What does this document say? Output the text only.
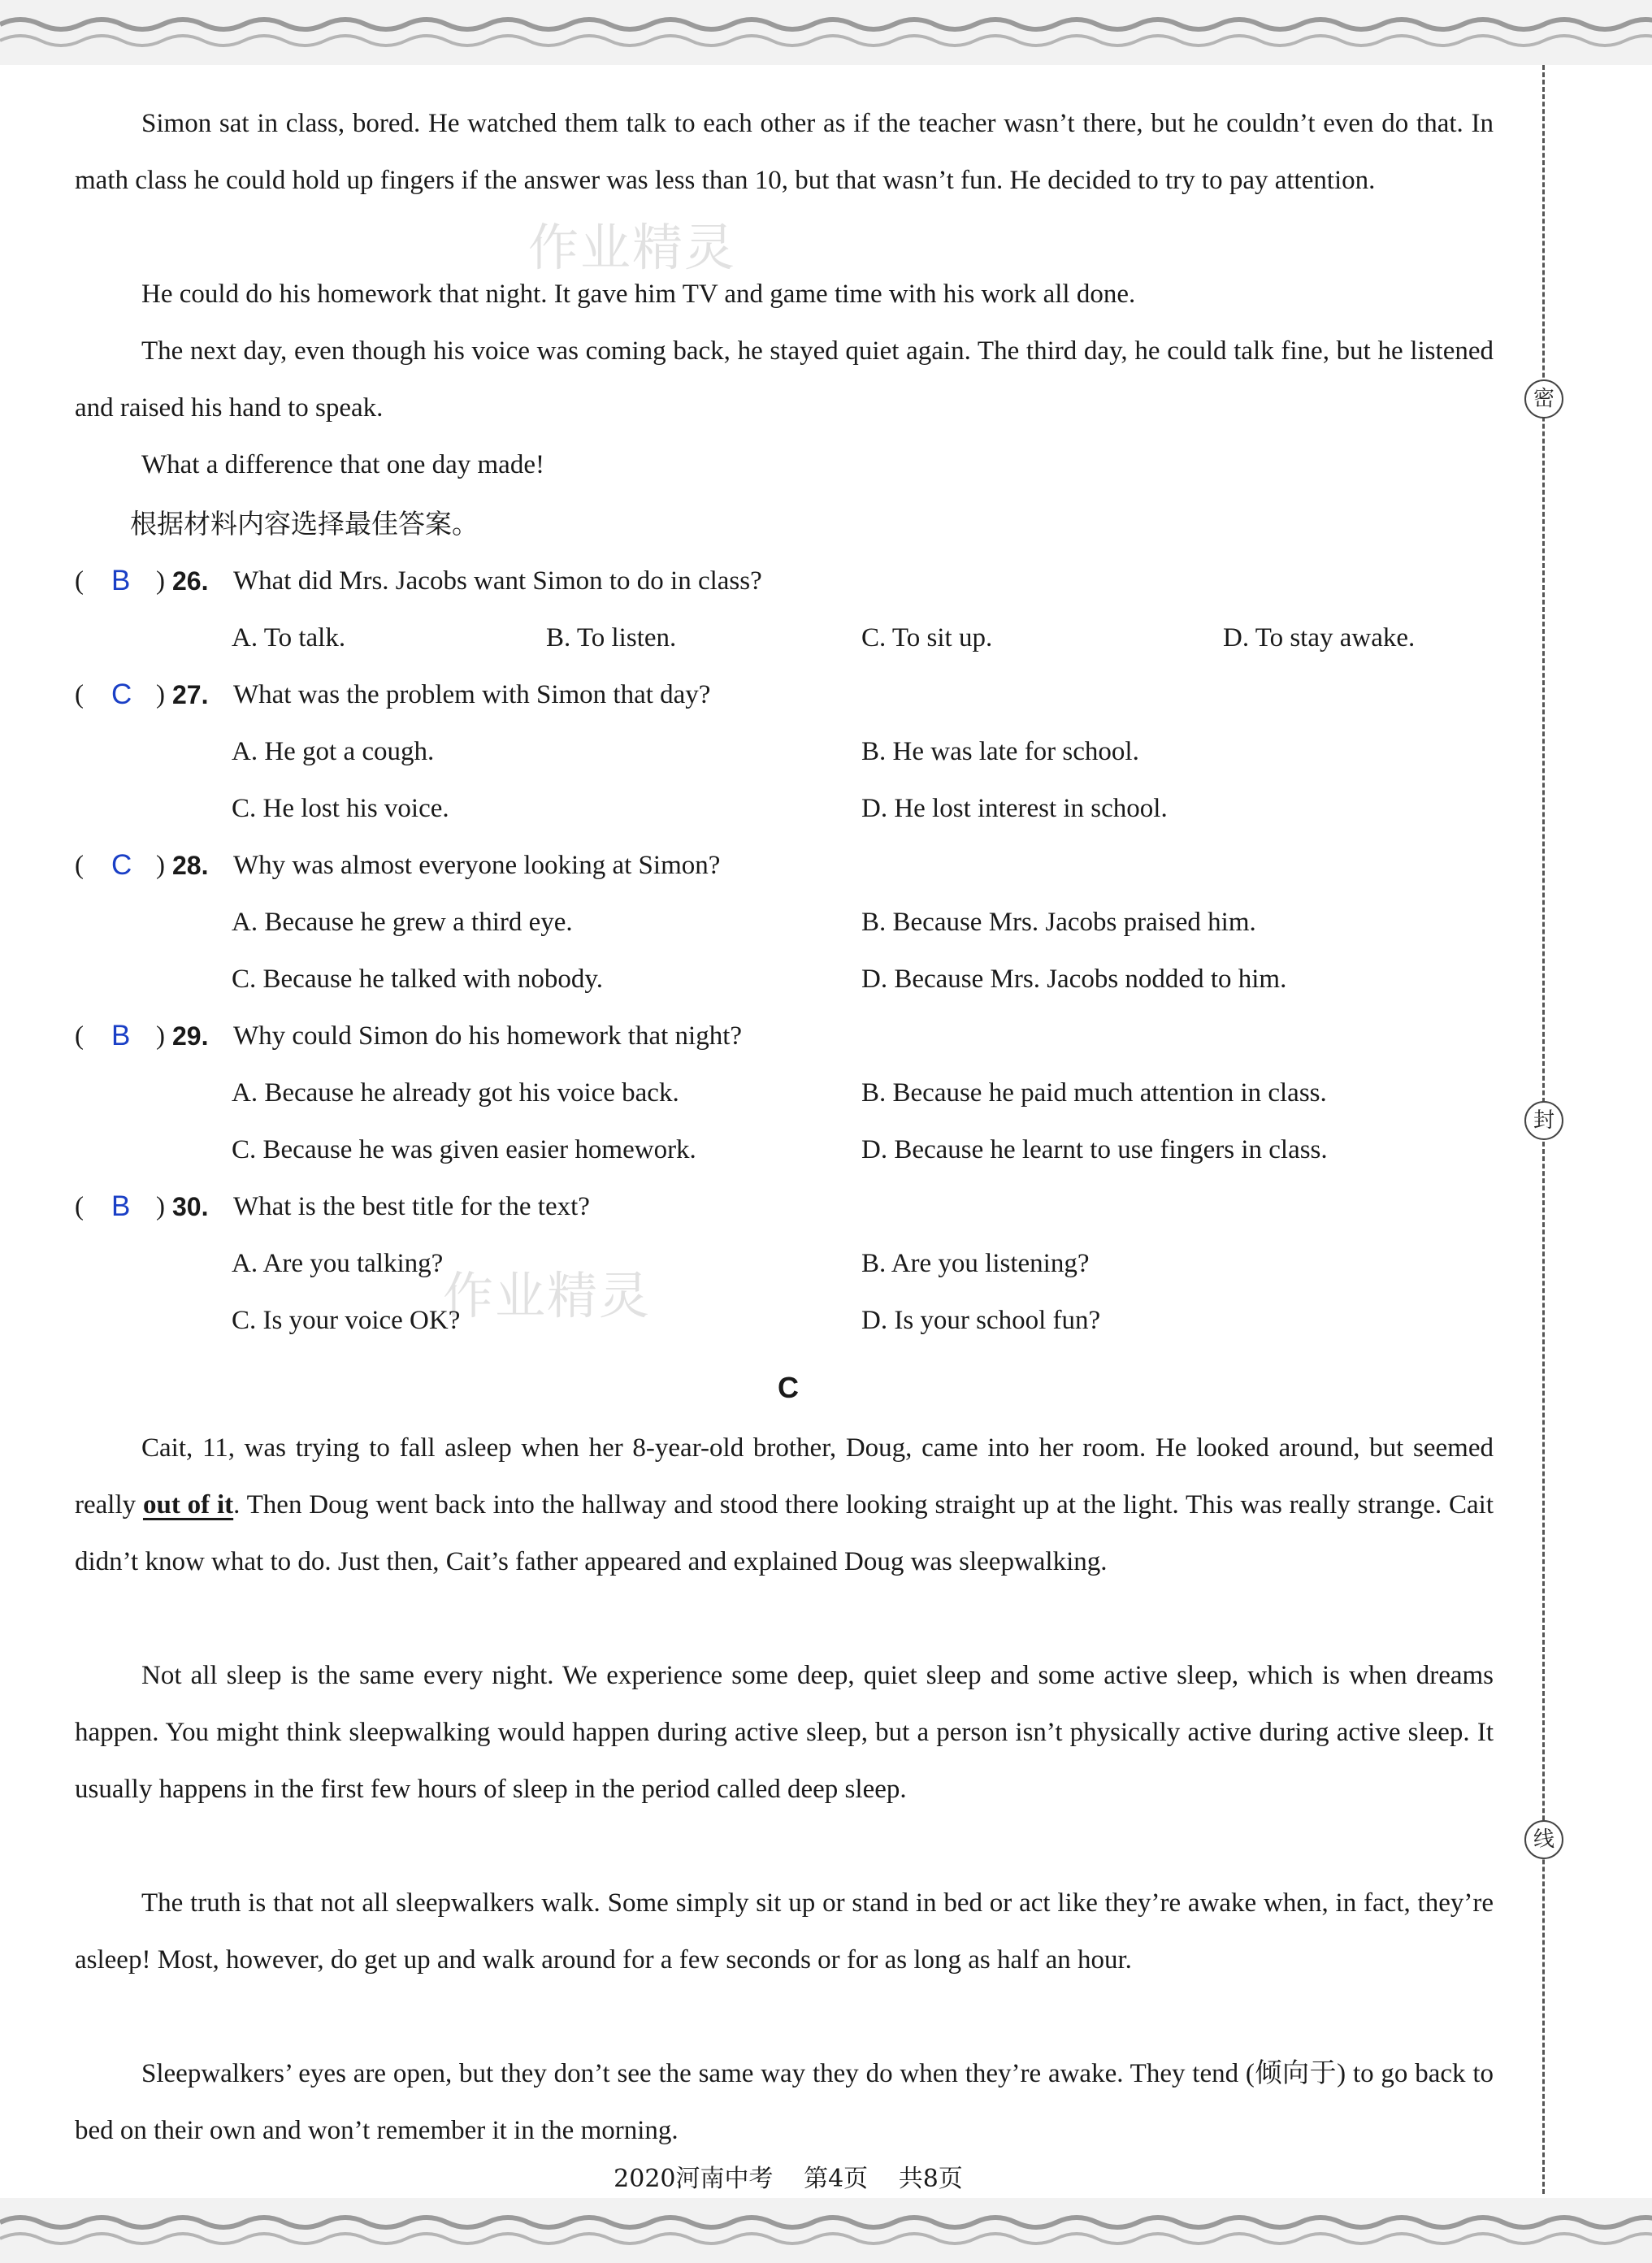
Simon sat in class, bored. He watched them talk to each other as if the teacher wasn’t there, but he couldn’t even do that. In math class he could hold up fingers if the answer was less than 10, but that wasn’t fun. He decided to try to pay attention.

He could do his homework that night. It gave him TV and game time with his work all done.

The next day, even though his voice was coming back, he stayed quiet again. The third day, he could talk fine, but he listened and raised his hand to speak.

What a difference that one day made!

根据材料内容选择最佳答案。
( B ) 26. What did Mrs. Jacobs want Simon to do in class?
A. To talk.	B. To listen.	C. To sit up.	D. To stay awake.
( C ) 27. What was the problem with Simon that day?
A. He got a cough.	B. He was late for school.
C. He lost his voice.	D. He lost interest in school.
( C ) 28. Why was almost everyone looking at Simon?
A. Because he grew a third eye.	B. Because Mrs. Jacobs praised him.
C. Because he talked with nobody.	D. Because Mrs. Jacobs nodded to him.
( B ) 29. Why could Simon do his homework that night?
A. Because he already got his voice back.	B. Because he paid much attention in class.
C. Because he was given easier homework.	D. Because he learnt to use fingers in class.
( B ) 30. What is the best title for the text?
A. Are you talking?	B. Are you listening?
C. Is your voice OK?	D. Is your school fun?
C

Cait, 11, was trying to fall asleep when her 8-year-old brother, Doug, came into her room. He looked around, but seemed really out of it. Then Doug went back into the hallway and stood there looking straight up at the light. This was really strange. Cait didn’t know what to do. Just then, Cait’s father appeared and explained Doug was sleepwalking.

Not all sleep is the same every night. We experience some deep, quiet sleep and some active sleep, which is when dreams happen. You might think sleepwalking would happen during active sleep, but a person isn’t physically active during active sleep. It usually happens in the first few hours of sleep in the period called deep sleep.

The truth is that not all sleepwalkers walk. Some simply sit up or stand in bed or act like they’re awake when, in fact, they’re asleep! Most, however, do get up and walk around for a few seconds or for as long as half an hour.

Sleepwalkers’ eyes are open, but they don’t see the same way they do when they’re awake. They tend (倾向于) to go back to bed on their own and won’t remember it in the morning.

作业精灵
作业精灵
密
封
线
2020河南中考 第4页 共8页
